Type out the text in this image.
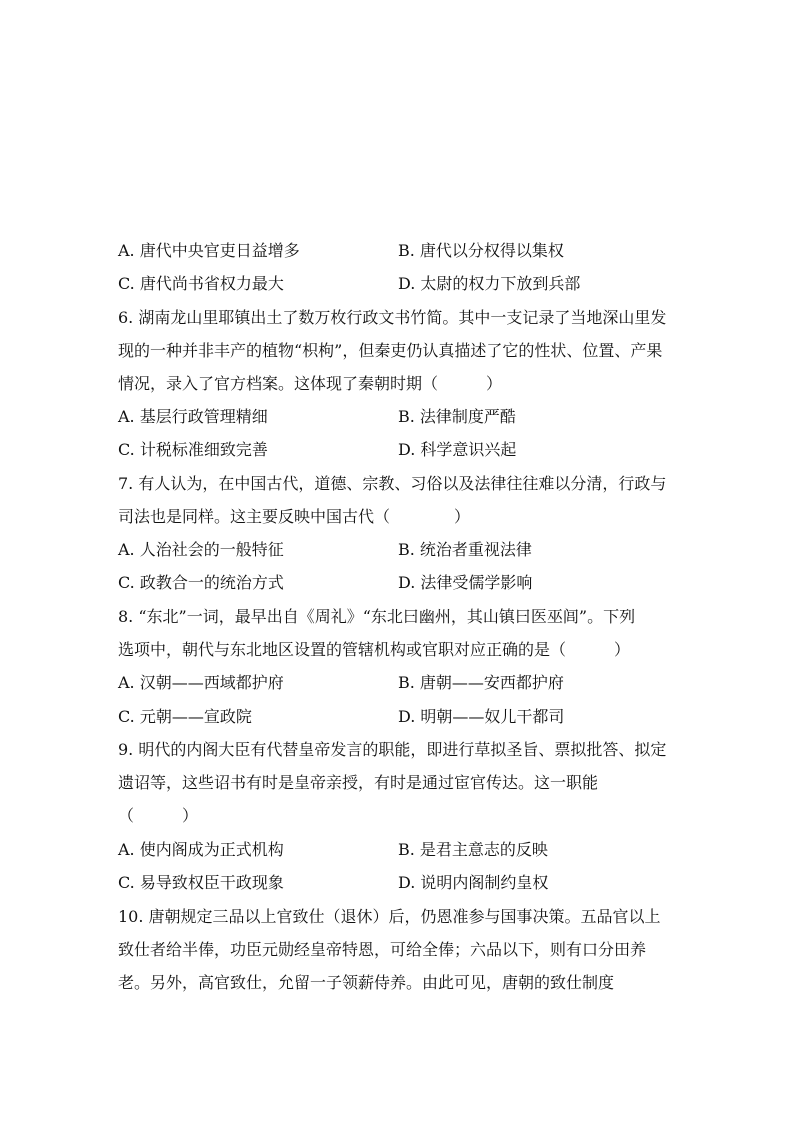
A. 唐代中央官吏日益增多	B. 唐代以分权得以集权
C. 唐代尚书省权力最大	D. 太尉的权力下放到兵部
6. 湖南龙山里耶镇出土了数万枚行政文书竹简。其中一支记录了当地深山里发
现的一种并非丰产的植物“枳枸”，但秦吏仍认真描述了它的性状、位置、产果
情况，录入了官方档案。这体现了秦朝时期（　　　）
A. 基层行政管理精细	B. 法律制度严酷
C. 计税标准细致完善	D. 科学意识兴起
7. 有人认为，在中国古代，道德、宗教、习俗以及法律往往难以分清，行政与
司法也是同样。这主要反映中国古代（　　　　）
A. 人治社会的一般特征	B. 统治者重视法律
C. 政教合一的统治方式	D. 法律受儒学影响
8. “东北”一词，最早出自《周礼》“东北曰幽州，其山镇曰医巫闾”。下列
选项中，朝代与东北地区设置的管辖机构或官职对应正确的是（　　　）
A. 汉朝——西域都护府	B. 唐朝——安西都护府
C. 元朝——宣政院	D. 明朝——奴儿干都司
9. 明代的内阁大臣有代替皇帝发言的职能，即进行草拟圣旨、票拟批答、拟定
遗诏等，这些诏书有时是皇帝亲授，有时是通过宦官传达。这一职能
（　　　）
A. 使内阁成为正式机构	B. 是君主意志的反映
C. 易导致权臣干政现象	D. 说明内阁制约皇权
10. 唐朝规定三品以上官致仕（退休）后，仍恩准参与国事决策。五品官以上
致仕者给半俸，功臣元勋经皇帝特恩，可给全俸；六品以下，则有口分田养
老。另外，高官致仕，允留一子领薪侍养。由此可见，唐朝的致仕制度
